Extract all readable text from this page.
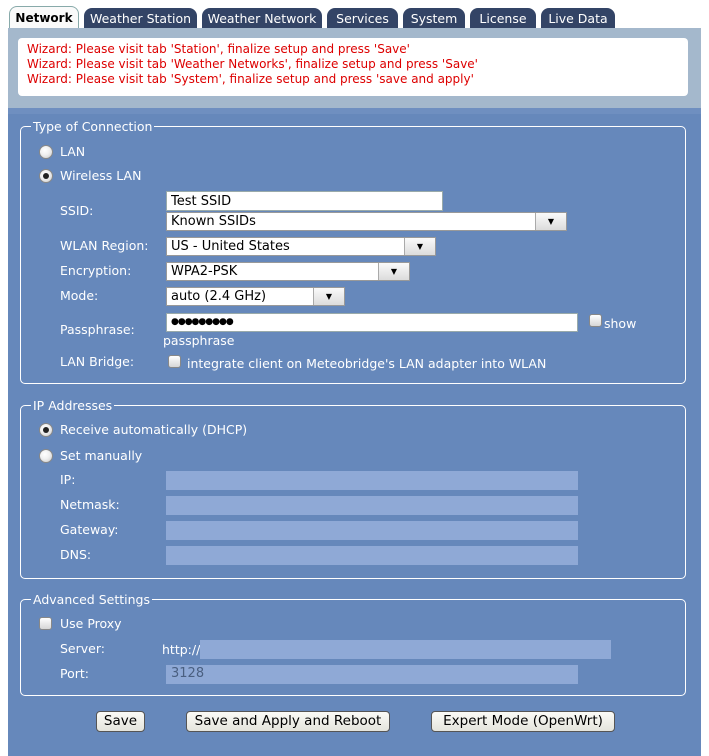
Network	Weather Station	Weather Network	Services	System	License	Live Data
Wizard: Please visit tab 'Station', finalize setup and press 'Save'
Wizard: Please visit tab 'Weather Networks', finalize setup and press 'Save'
Wizard: Please visit tab 'System', finalize setup and press 'save and apply'
Type of Connection
LAN
Wireless LAN
SSID:
Test SSID
Known SSIDs	▼
WLAN Region:	US - United States	▼
Encryption:	WPA2-PSK	▼
Mode:	auto (2.4 GHz)	▼
Passphrase:	●●●●●●●●●	show
passphrase
LAN Bridge:	integrate client on Meteobridge's LAN adapter into WLAN
IP Addresses
Receive automatically (DHCP)
Set manually
IP:
Netmask:
Gateway:
DNS:
Advanced Settings
Use Proxy
Server:	http://
Port:	3128
Save	Save and Apply and Reboot	Expert Mode (OpenWrt)
